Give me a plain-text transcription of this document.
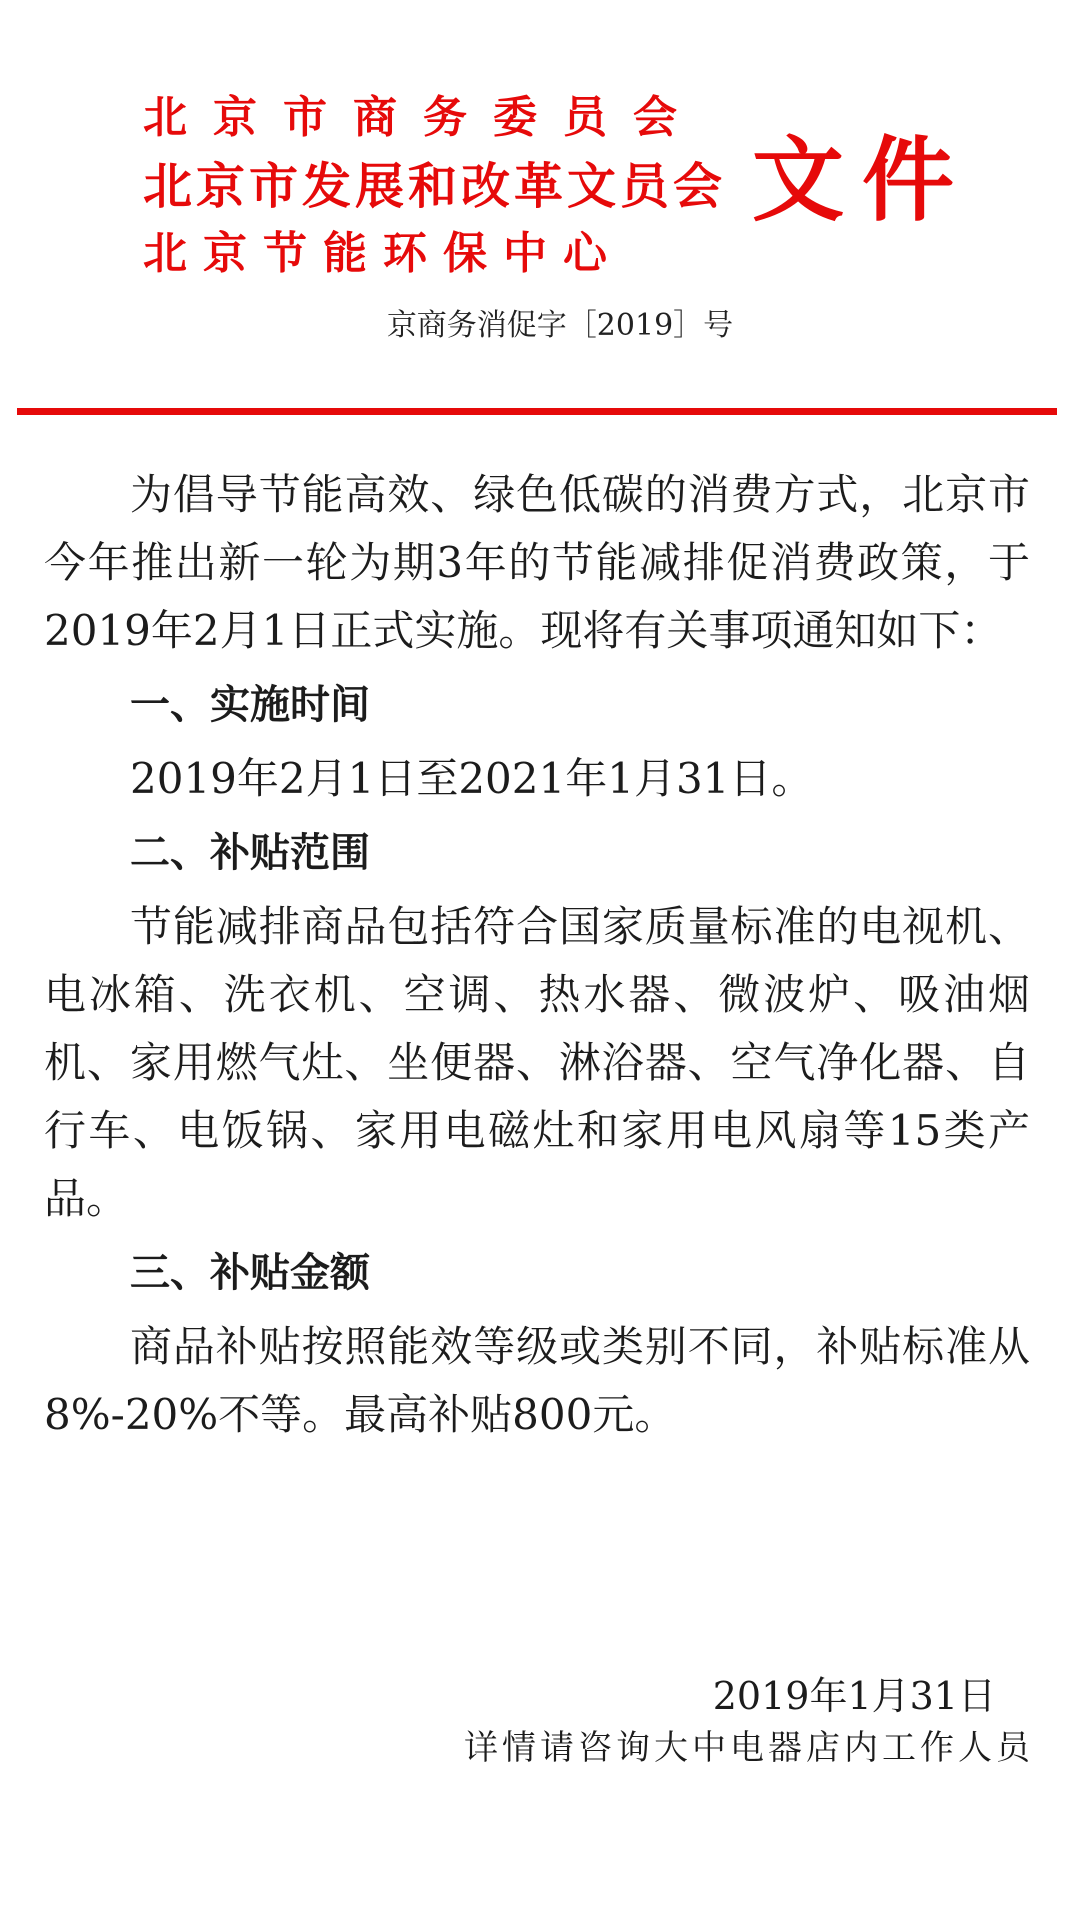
北京市商务委员会
北京市发展和改革文员会
北京节能环保中心
文件
京商务消促字［2019］号
为倡导节能高效、绿色低碳的消费方式，北京市
今年推出新一轮为期3年的节能减排促消费政策，于
2019年2月1日正式实施。现将有关事项通知如下：
一、实施时间
2019年2月1日至2021年1月31日。
二、补贴范围
节能减排商品包括符合国家质量标准的电视机、
电冰箱、洗衣机、空调、热水器、微波炉、吸油烟
机、家用燃气灶、坐便器、淋浴器、空气净化器、自
行车、电饭锅、家用电磁灶和家用电风扇等15类产
品。
三、补贴金额
商品补贴按照能效等级或类别不同，补贴标准从
8%-20%不等。最高补贴800元。
2019年1月31日
详情请咨询大中电器店内工作人员
